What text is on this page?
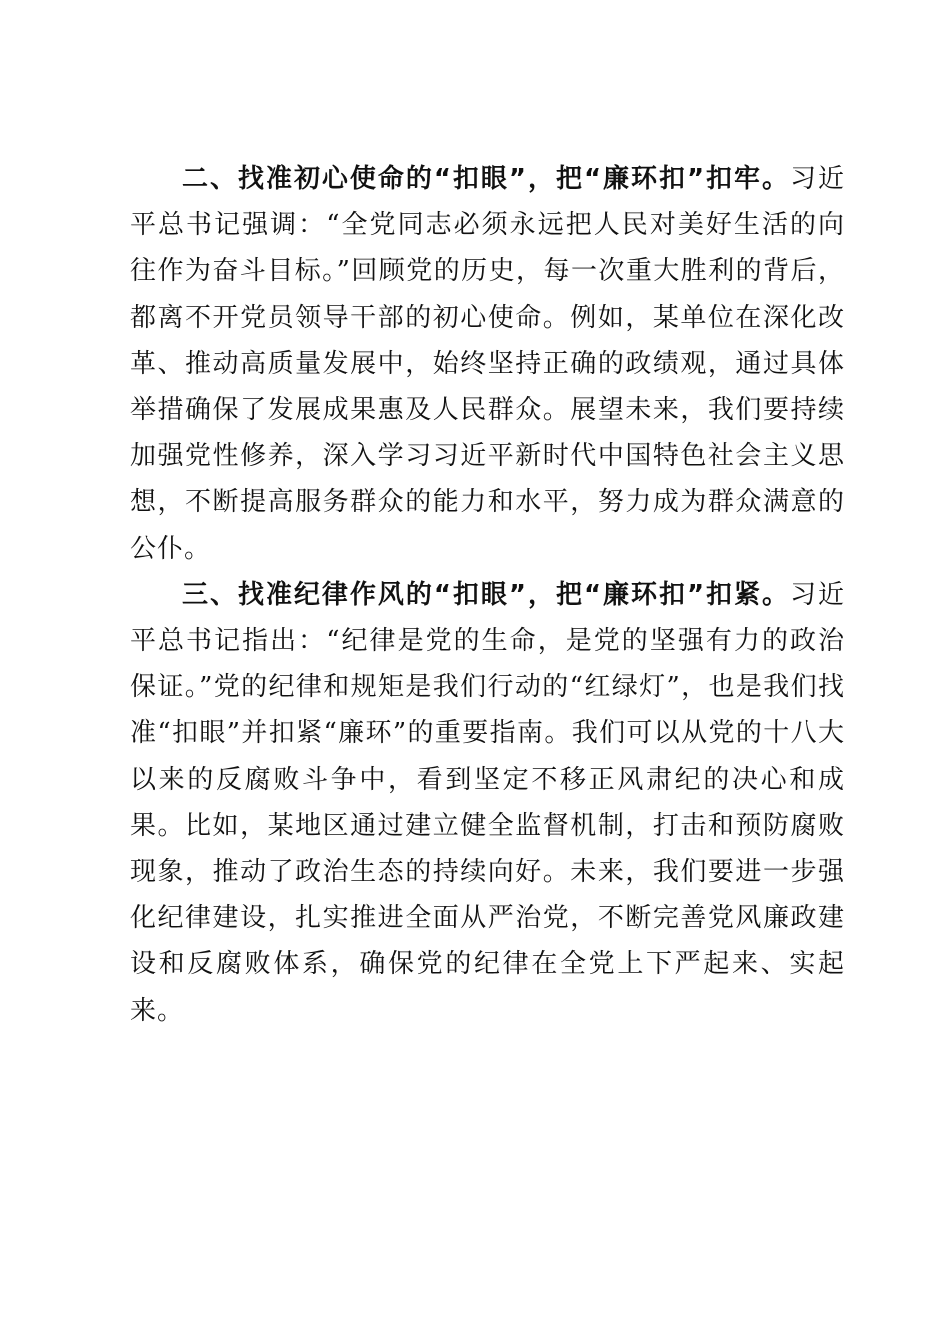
二、找准初心使命的“扣眼”，把“廉环扣”扣牢。习近平总书记强调：“全党同志必须永远把人民对美好生活的向往作为奋斗目标。”回顾党的历史，每一次重大胜利的背后，都离不开党员领导干部的初心使命。例如，某单位在深化改革、推动高质量发展中，始终坚持正确的政绩观，通过具体举措确保了发展成果惠及人民群众。展望未来，我们要持续加强党性修养，深入学习习近平新时代中国特色社会主义思想，不断提高服务群众的能力和水平，努力成为群众满意的公仆。

三、找准纪律作风的“扣眼”，把“廉环扣”扣紧。习近平总书记指出：“纪律是党的生命，是党的坚强有力的政治保证。”党的纪律和规矩是我们行动的“红绿灯”，也是我们找准“扣眼”并扣紧“廉环”的重要指南。我们可以从党的十八大以来的反腐败斗争中，看到坚定不移正风肃纪的决心和成果。比如，某地区通过建立健全监督机制，打击和预防腐败现象，推动了政治生态的持续向好。未来，我们要进一步强化纪律建设，扎实推进全面从严治党，不断完善党风廉政建设和反腐败体系，确保党的纪律在全党上下严起来、实起来。
